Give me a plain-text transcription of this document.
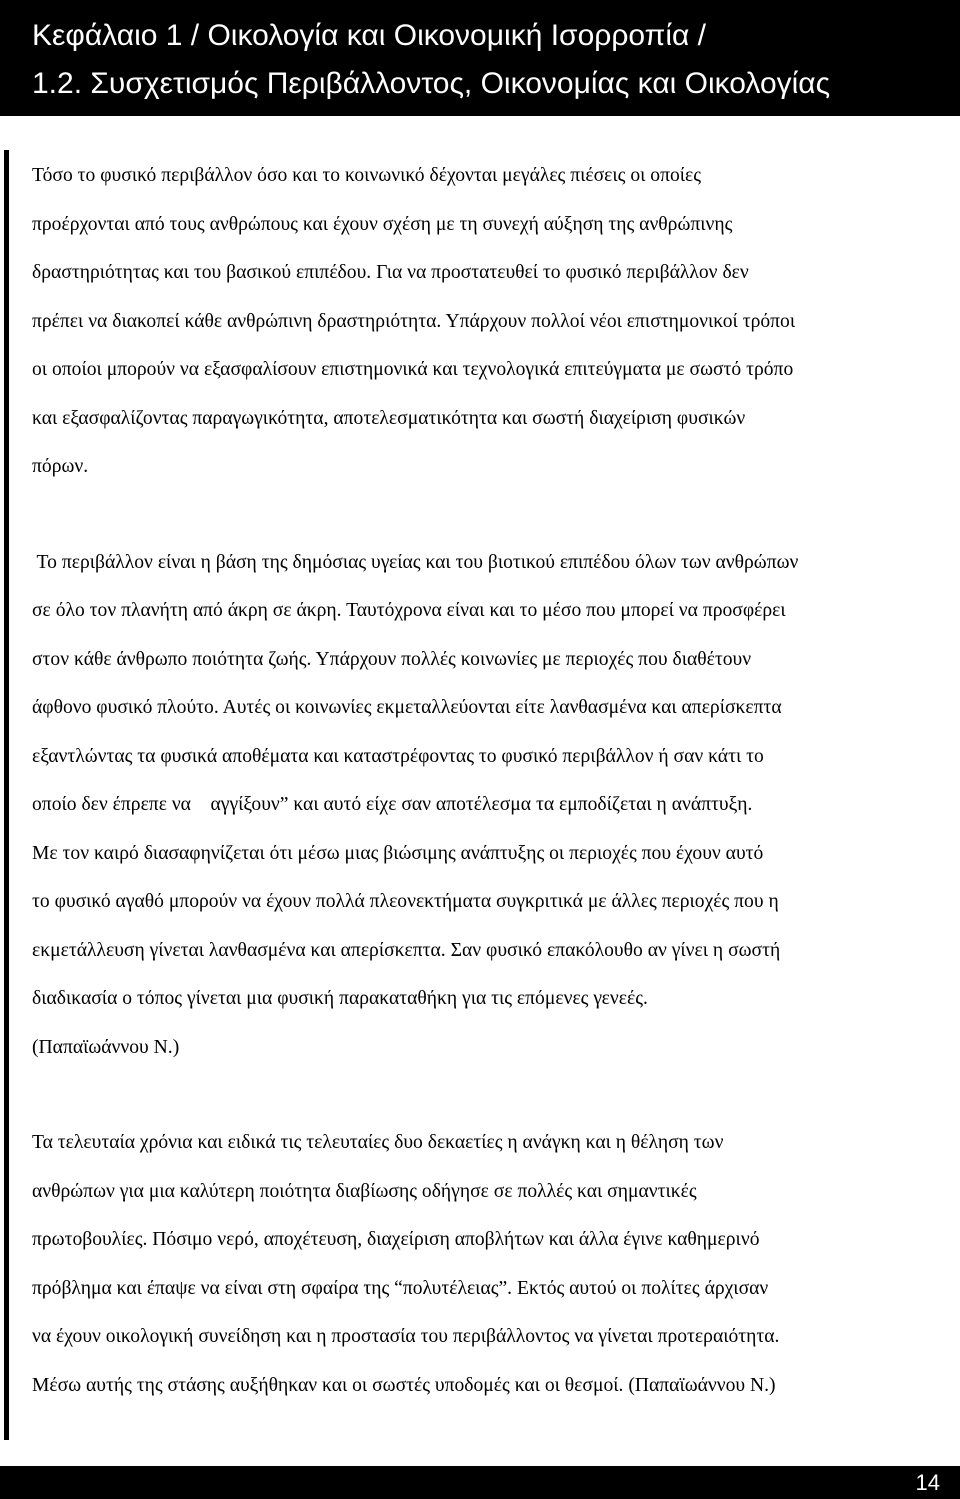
Κεφάλαιο 1 / Οικολογία και Οικονομική Ισορροπία /
1.2. Συσχετισμός Περιβάλλοντος, Οικονομίας και Οικολογίας

Τόσο το φυσικό περιβάλλον όσο και το κοινωνικό δέχονται μεγάλες πιέσεις οι οποίες
προέρχονται από τους ανθρώπους και έχουν σχέση με τη συνεχή αύξηση της ανθρώπινης
δραστηριότητας και του βασικού επιπέδου. Για να προστατευθεί το φυσικό περιβάλλον δεν
πρέπει να διακοπεί κάθε ανθρώπινη δραστηριότητα. Υπάρχουν πολλοί νέοι επιστημονικοί τρόποι
οι οποίοι μπορούν να εξασφαλίσουν επιστημονικά και τεχνολογικά επιτεύγματα με σωστό τρόπο
και εξασφαλίζοντας παραγωγικότητα, αποτελεσματικότητα και σωστή διαχείριση φυσικών
πόρων.

Το περιβάλλον είναι η βάση της δημόσιας υγείας και του βιοτικού επιπέδου όλων των ανθρώπων
σε όλο τον πλανήτη από άκρη σε άκρη. Ταυτόχρονα είναι και το μέσο που μπορεί να προσφέρει
στον κάθε άνθρωπο ποιότητα ζωής. Υπάρχουν πολλές κοινωνίες με περιοχές που διαθέτουν
άφθονο φυσικό πλούτο. Αυτές οι κοινωνίες εκμεταλλεύονται είτε λανθασμένα και απερίσκεπτα
εξαντλώντας τα φυσικά αποθέματα και καταστρέφοντας το φυσικό περιβάλλον ή σαν κάτι το
οποίο δεν έπρεπε να    αγγίξουν” και αυτό είχε σαν αποτέλεσμα τα εμποδίζεται η ανάπτυξη.
Με τον καιρό διασαφηνίζεται ότι μέσω μιας βιώσιμης ανάπτυξης οι περιοχές που έχουν αυτό
το φυσικό αγαθό μπορούν να έχουν πολλά πλεονεκτήματα συγκριτικά με άλλες περιοχές που η
εκμετάλλευση γίνεται λανθασμένα και απερίσκεπτα. Σαν φυσικό επακόλουθο αν γίνει η σωστή
διαδικασία ο τόπος γίνεται μια φυσική παρακαταθήκη για τις επόμενες γενεές.
(Παπαϊωάννου Ν.)

Τα τελευταία χρόνια και ειδικά τις τελευταίες δυο δεκαετίες η ανάγκη και η θέληση των
ανθρώπων για μια καλύτερη ποιότητα διαβίωσης οδήγησε σε πολλές και σημαντικές
πρωτοβουλίες. Πόσιμο νερό, αποχέτευση, διαχείριση αποβλήτων και άλλα έγινε καθημερινό
πρόβλημα και έπαψε να είναι στη σφαίρα της “πολυτέλειας”. Εκτός αυτού οι πολίτες άρχισαν
να έχουν οικολογική συνείδηση και η προστασία του περιβάλλοντος να γίνεται προτεραιότητα.
Μέσω αυτής της στάσης αυξήθηκαν και οι σωστές υποδομές και οι θεσμοί. (Παπαϊωάννου Ν.)

14
